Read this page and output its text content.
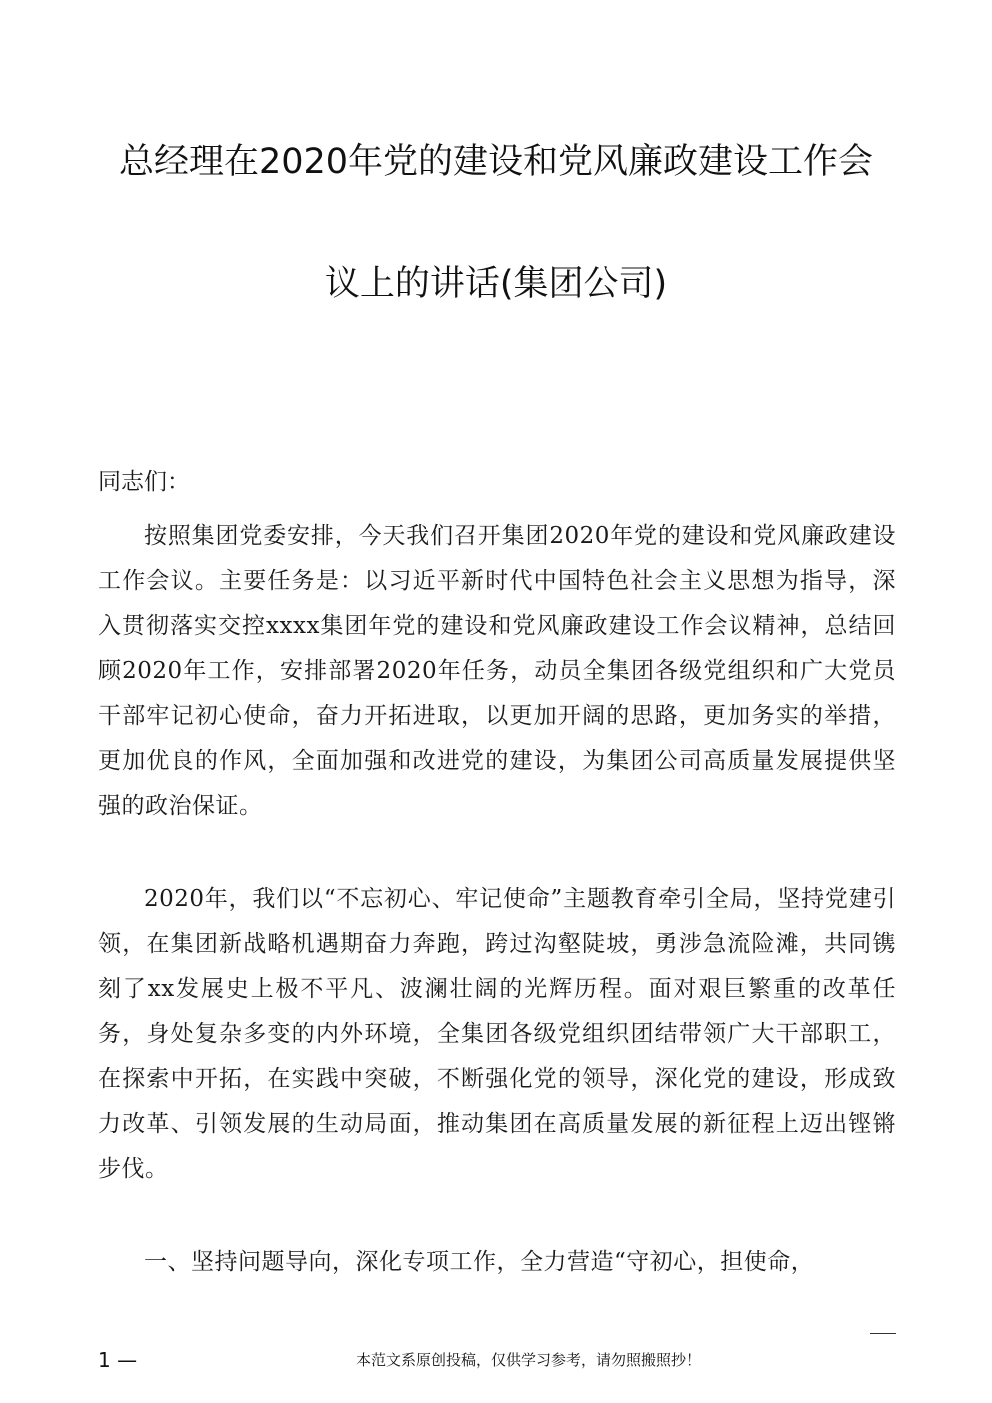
总经理在2020年党的建设和党风廉政建设工作会
议上的讲话(集团公司)
同志们：

按照集团党委安排，今天我们召开集团2020年党的建设和党风廉政建设工作会议。主要任务是：以习近平新时代中国特色社会主义思想为指导，深入贯彻落实交控xxxx集团年党的建设和党风廉政建设工作会议精神，总结回顾2020年工作，安排部署2020年任务，动员全集团各级党组织和广大党员干部牢记初心使命，奋力开拓进取，以更加开阔的思路，更加务实的举措，更加优良的作风，全面加强和改进党的建设，为集团公司高质量发展提供坚强的政治保证。

2020年，我们以“不忘初心、牢记使命”主题教育牵引全局，坚持党建引领，在集团新战略机遇期奋力奔跑，跨过沟壑陡坡，勇涉急流险滩，共同镌刻了xx发展史上极不平凡、波澜壮阔的光辉历程。面对艰巨繁重的改革任务，身处复杂多变的内外环境，全集团各级党组织团结带领广大干部职工，在探索中开拓，在实践中突破，不断强化党的领导，深化党的建设，形成致力改革、引领发展的生动局面，推动集团在高质量发展的新征程上迈出铿锵步伐。

一、坚持问题导向，深化专项工作，全力营造“守初心，担使命，

1 —	本范文系原创投稿，仅供学习参考，请勿照搬照抄！
